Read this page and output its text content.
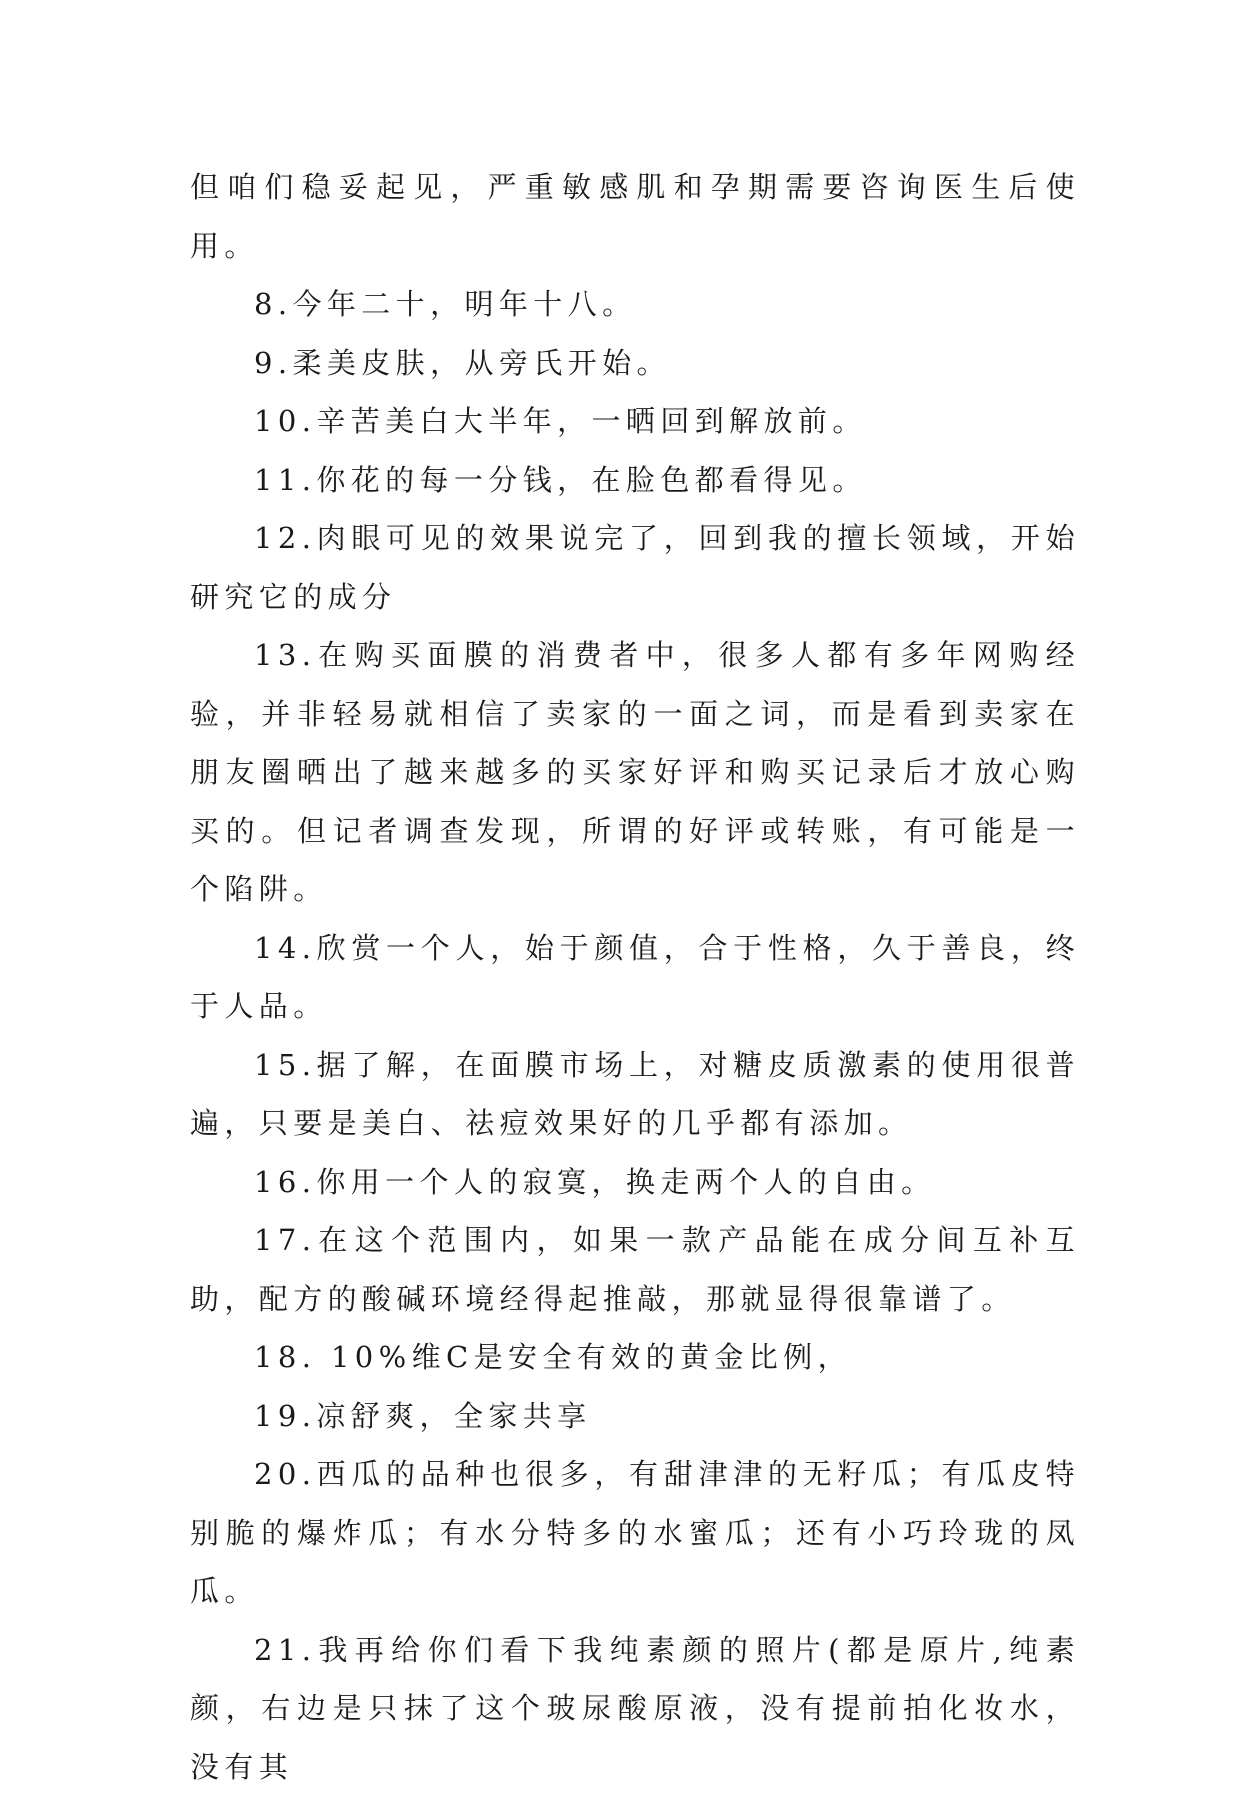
但咱们稳妥起见，严重敏感肌和孕期需要咨询医生后使用。

8.今年二十，明年十八。

9.柔美皮肤，从旁氏开始。

10.辛苦美白大半年，一晒回到解放前。

11.你花的每一分钱，在脸色都看得见。

12.肉眼可见的效果说完了，回到我的擅长领域，开始研究它的成分

13.在购买面膜的消费者中，很多人都有多年网购经验，并非轻易就相信了卖家的一面之词，而是看到卖家在朋友圈晒出了越来越多的买家好评和购买记录后才放心购买的。但记者调查发现，所谓的好评或转账，有可能是一个陷阱。

14.欣赏一个人，始于颜值，合于性格，久于善良，终于人品。

15.据了解，在面膜市场上，对糖皮质激素的使用很普遍，只要是美白、祛痘效果好的几乎都有添加。

16.你用一个人的寂寞，换走两个人的自由。

17.在这个范围内，如果一款产品能在成分间互补互助，配方的酸碱环境经得起推敲，那就显得很靠谱了。

18. 10%维C是安全有效的黄金比例，

19.凉舒爽，全家共享

20.西瓜的品种也很多，有甜津津的无籽瓜；有瓜皮特别脆的爆炸瓜；有水分特多的水蜜瓜；还有小巧玲珑的凤瓜。

21.我再给你们看下我纯素颜的照片(都是原片,纯素颜，右边是只抹了这个玻尿酸原液，没有提前拍化妆水，没有其
